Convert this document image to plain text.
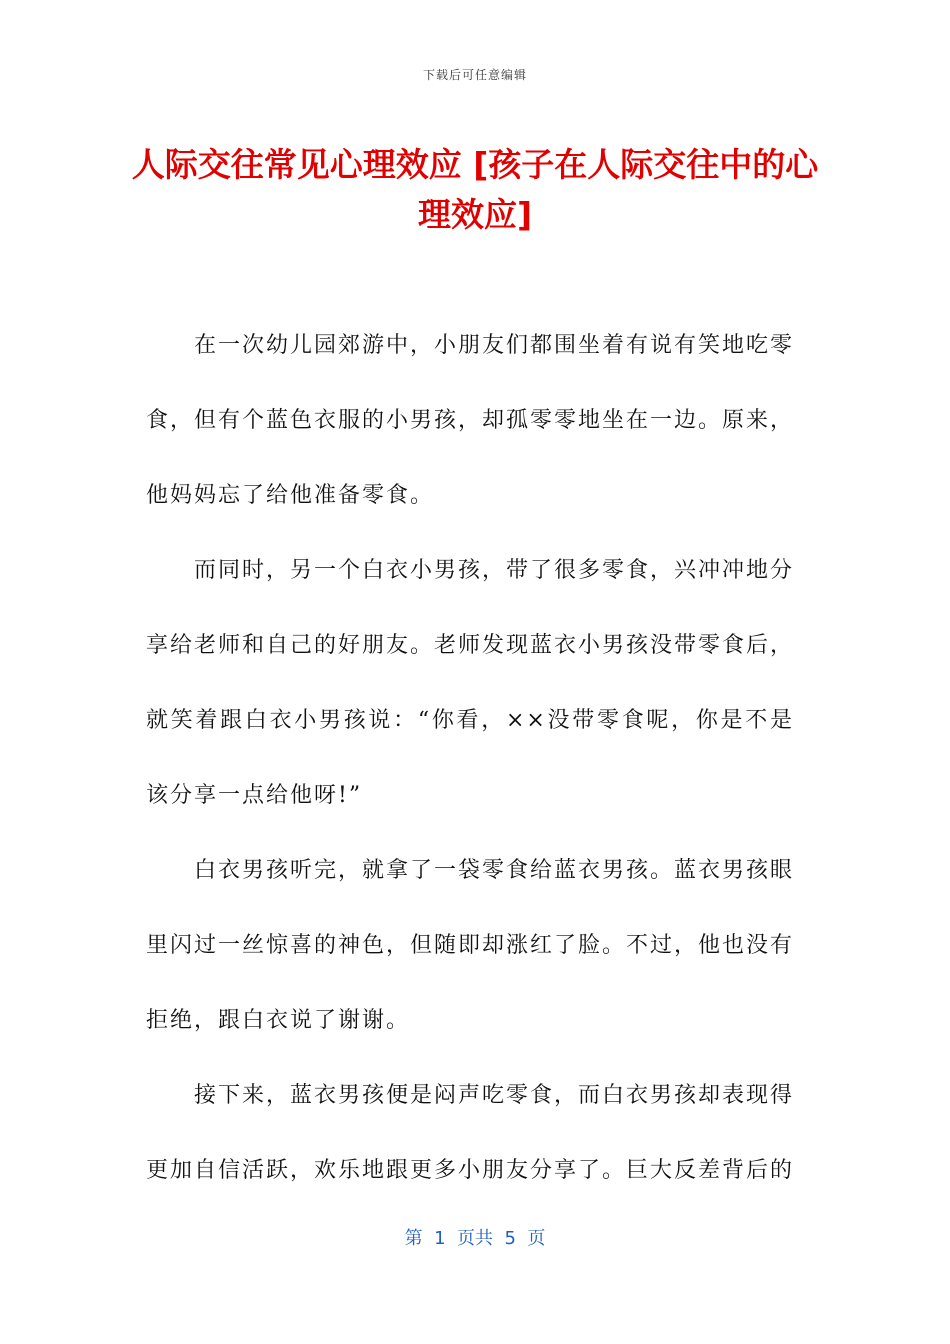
下载后可任意编辑
人际交往常见心理效应 [孩子在人际交往中的心理效应]

在一次幼儿园郊游中，小朋友们都围坐着有说有笑地吃零食，但有个蓝色衣服的小男孩，却孤零零地坐在一边。原来，他妈妈忘了给他准备零食。

而同时，另一个白衣小男孩，带了很多零食，兴冲冲地分享给老师和自己的好朋友。老师发现蓝衣小男孩没带零食后，就笑着跟白衣小男孩说：“你看，××没带零食呢，你是不是该分享一点给他呀!”

白衣男孩听完，就拿了一袋零食给蓝衣男孩。蓝衣男孩眼里闪过一丝惊喜的神色，但随即却涨红了脸。不过，他也没有拒绝，跟白衣说了谢谢。

接下来，蓝衣男孩便是闷声吃零食，而白衣男孩却表现得更加自信活跃，欢乐地跟更多小朋友分享了。巨大反差背后的

第  1  页共  5  页
